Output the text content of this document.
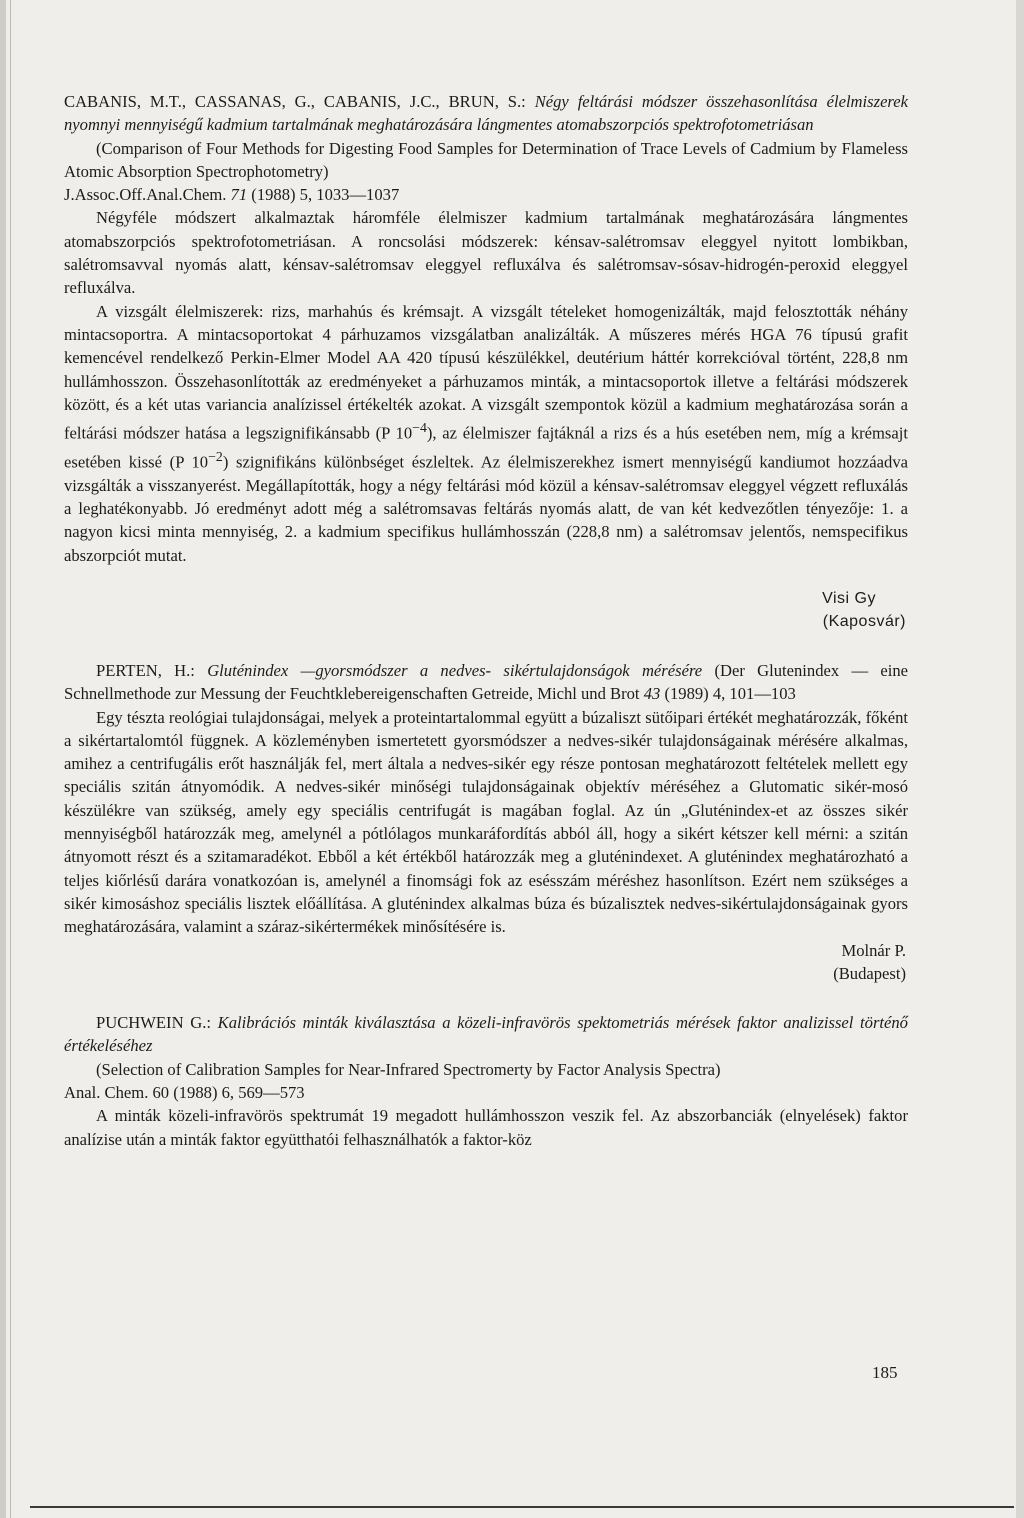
CABANIS, M.T., CASSANAS, G., CABANIS, J.C., BRUN, S.: Négy feltárási módszer összehasonlítása élelmiszerek nyomnyi mennyiségű kadmium tartalmának meghatározására lángmentes atomabszorpciós spektrofotometriásan

(Comparison of Four Methods for Digesting Food Samples for Determination of Trace Levels of Cadmium by Flameless Atomic Absorption Spectrophotometry)

J.Assoc.Off.Anal.Chem. 71 (1988) 5, 1033—1037

Négyféle módszert alkalmaztak háromféle élelmiszer kadmium tartalmának meghatározására lángmentes atomabszorpciós spektrofotometriásan. A roncsolási módszerek: kénsav-salétromsav eleggyel nyitott lombikban, salétromsavval nyomás alatt, kénsav-salétromsav eleggyel refluxálva és salétromsav-sósav-hidrogén-peroxid eleggyel refluxálva.

A vizsgált élelmiszerek: rizs, marhahús és krémsajt. A vizsgált tételeket homogenizálták, majd felosztották néhány mintacsoportra. A mintacsoportokat 4 párhuzamos vizsgálatban analizálták. A műszeres mérés HGA 76 típusú grafit kemencével rendelkező Perkin-Elmer Model AA 420 típusú készülékkel, deutérium háttér korrekcióval történt, 228,8 nm hullámhosszon. Összehasonlították az eredményeket a párhuzamos minták, a mintacsoportok illetve a feltárási módszerek között, és a két utas variancia analízissel értékelték azokat. A vizsgált szempontok közül a kadmium meghatározása során a feltárási módszer hatása a legszignifikánsabb (P $10^{-4}$), az élelmiszer fajtáknál a rizs és a hús esetében nem, míg a krémsajt esetében kissé (P $10^{-2}$) szignifikáns különbséget észleltek. Az élelmiszerekhez ismert mennyiségű kandiumot hozzáadva vizsgálták a visszanyerést. Megállapították, hogy a négy feltárási mód közül a kénsav-salétromsav eleggyel végzett refluxálás a leghatékonyabb. Jó eredményt adott még a salétromsavas feltárás nyomás alatt, de van két kedvezőtlen tényezője: 1. a nagyon kicsi minta mennyiség, 2. a kadmium specifikus hullámhosszán (228,8 nm) a salétromsav jelentős, nemspecifikus abszorpciót mutat.

Visi Gy

(Kaposvár)

PERTEN, H.: Gluténindex —gyorsmódszer a nedves- sikértulajdonságok mérésére (Der Glutenindex — eine Schnellmethode zur Messung der Feuchtklebereigenschaften Getreide, Michl und Brot 43 (1989) 4, 101—103

Egy tészta reológiai tulajdonságai, melyek a proteintartalommal együtt a búzaliszt sütőipari értékét meghatározzák, főként a sikértartalomtól függnek. A közleményben ismertetett gyorsmódszer a nedves-sikér tulajdonságainak mérésére alkalmas, amihez a centrifugális erőt használják fel, mert általa a nedves-sikér egy része pontosan meghatározott feltételek mellett egy speciális szitán átnyomódik. A nedves-sikér minőségi tulajdonságainak objektív méréséhez a Glutomatic sikér-mosó készülékre van szükség, amely egy speciális centrifugát is magában foglal. Az ún „Gluténindex-et az összes sikér mennyiségből határozzák meg, amelynél a pótlólagos munkaráfordítás abból áll, hogy a sikért kétszer kell mérni: a szitán átnyomott részt és a szitamaradékot. Ebből a két értékből határozzák meg a gluténindexet. A gluténindex meghatározható a teljes kiőrlésű darára vonatkozóan is, amelynél a finomsági fok az esésszám méréshez hasonlítson. Ezért nem szükséges a sikér kimosáshoz speciális lisztek előállítása. A gluténindex alkalmas búza és búzalisztek nedves-sikértulajdonságainak gyors meghatározására, valamint a száraz-sikértermékek minősítésére is.

Molnár P.

(Budapest)

PUCHWEIN G.: Kalibrációs minták kiválasztása a közeli-infravörös spektometriás mérések faktor analizissel történő értékeléséhez

(Selection of Calibration Samples for Near-Infrared Spectromerty by Factor Analysis Spectra)

Anal. Chem. 60 (1988) 6, 569—573

A minták közeli-infravörös spektrumát 19 megadott hullámhosszon veszik fel. Az abszorbanciák (elnyelések) faktor analízise után a minták faktor együtthatói felhasználhatók a faktor-köz

185
